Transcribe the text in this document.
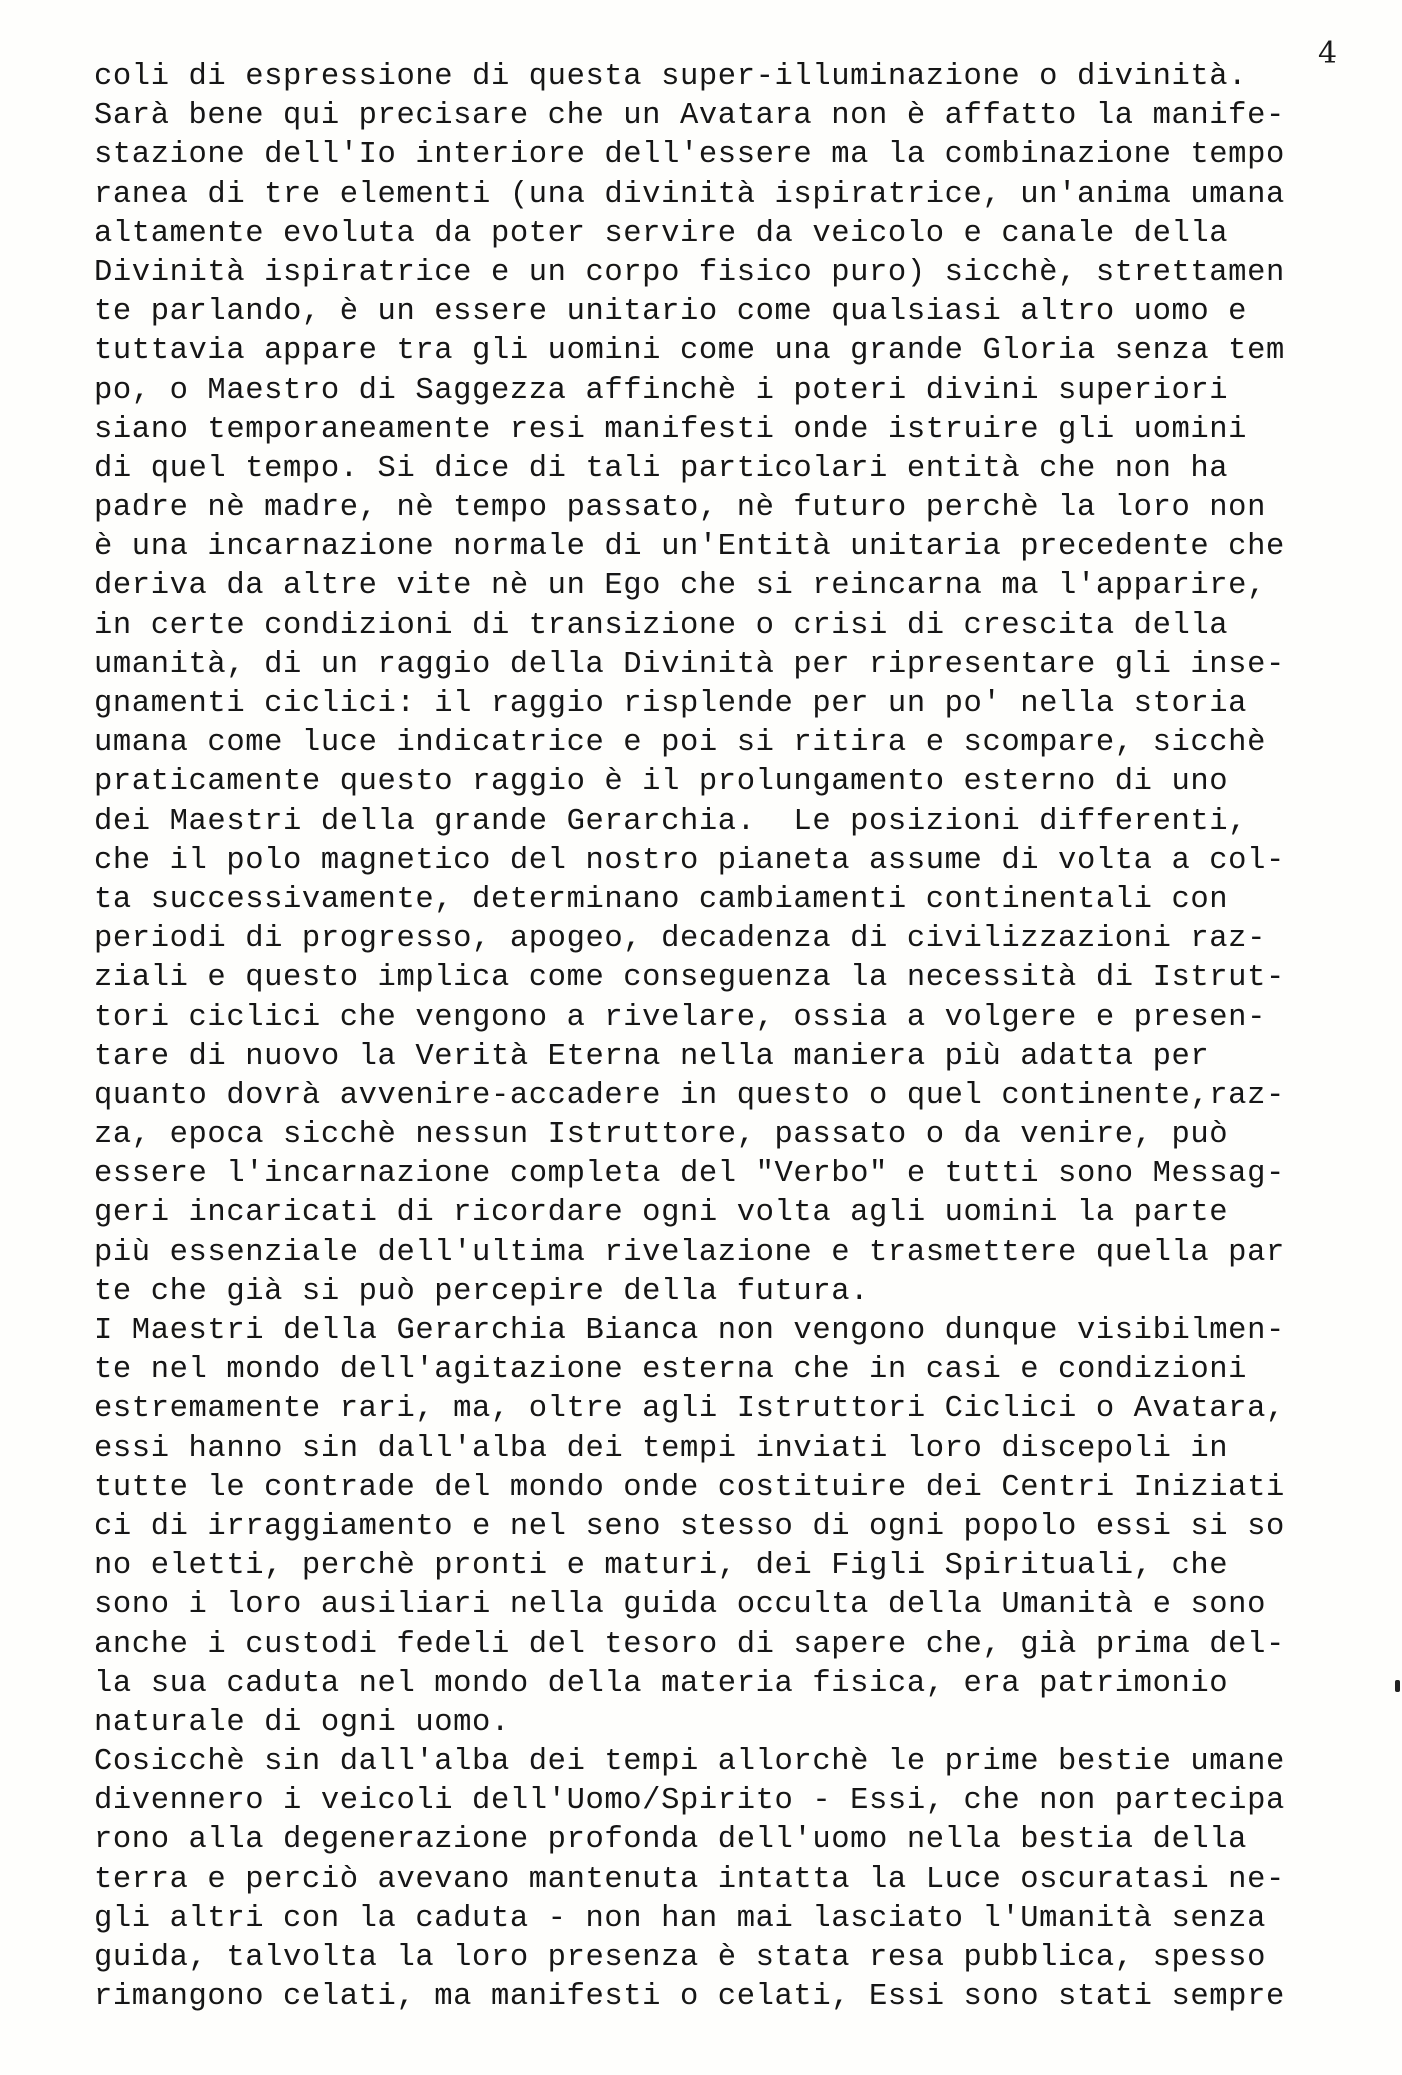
4
coli di espressione di questa super-illuminazione o divinità.
Sarà bene qui precisare che un Avatara non è affatto la manife-
stazione dell'Io interiore dell'essere ma la combinazione tempo
ranea di tre elementi (una divinità ispiratrice, un'anima umana
altamente evoluta da poter servire da veicolo e canale della
Divinità ispiratrice e un corpo fisico puro) sicchè, strettamen
te parlando, è un essere unitario come qualsiasi altro uomo e
tuttavia appare tra gli uomini come una grande Gloria senza tem
po, o Maestro di Saggezza affinchè i poteri divini superiori
siano temporaneamente resi manifesti onde istruire gli uomini
di quel tempo. Si dice di tali particolari entità che non ha
padre nè madre, nè tempo passato, nè futuro perchè la loro non
è una incarnazione normale di un'Entità unitaria precedente che
deriva da altre vite nè un Ego che si reincarna ma l'apparire,
in certe condizioni di transizione o crisi di crescita della
umanità, di un raggio della Divinità per ripresentare gli inse-
gnamenti ciclici: il raggio risplende per un po' nella storia
umana come luce indicatrice e poi si ritira e scompare, sicchè
praticamente questo raggio è il prolungamento esterno di uno
dei Maestri della grande Gerarchia.  Le posizioni differenti,
che il polo magnetico del nostro pianeta assume di volta a col-
ta successivamente, determinano cambiamenti continentali con
periodi di progresso, apogeo, decadenza di civilizzazioni raz-
ziali e questo implica come conseguenza la necessità di Istrut-
tori ciclici che vengono a rivelare, ossia a volgere e presen-
tare di nuovo la Verità Eterna nella maniera più adatta per
quanto dovrà avvenire-accadere in questo o quel continente,raz-
za, epoca sicchè nessun Istruttore, passato o da venire, può
essere l'incarnazione completa del "Verbo" e tutti sono Messag-
geri incaricati di ricordare ogni volta agli uomini la parte
più essenziale dell'ultima rivelazione e trasmettere quella par
te che già si può percepire della futura.
I Maestri della Gerarchia Bianca non vengono dunque visibilmen-
te nel mondo dell'agitazione esterna che in casi e condizioni
estremamente rari, ma, oltre agli Istruttori Ciclici o Avatara,
essi hanno sin dall'alba dei tempi inviati loro discepoli in
tutte le contrade del mondo onde costituire dei Centri Iniziati
ci di irraggiamento e nel seno stesso di ogni popolo essi si so
no eletti, perchè pronti e maturi, dei Figli Spirituali, che
sono i loro ausiliari nella guida occulta della Umanità e sono
anche i custodi fedeli del tesoro di sapere che, già prima del-
la sua caduta nel mondo della materia fisica, era patrimonio
naturale di ogni uomo.
Cosicchè sin dall'alba dei tempi allorchè le prime bestie umane
divennero i veicoli dell'Uomo/Spirito - Essi, che non partecipa
rono alla degenerazione profonda dell'uomo nella bestia della
terra e perciò avevano mantenuta intatta la Luce oscuratasi ne-
gli altri con la caduta - non han mai lasciato l'Umanità senza
guida, talvolta la loro presenza è stata resa pubblica, spesso
rimangono celati, ma manifesti o celati, Essi sono stati sempre
